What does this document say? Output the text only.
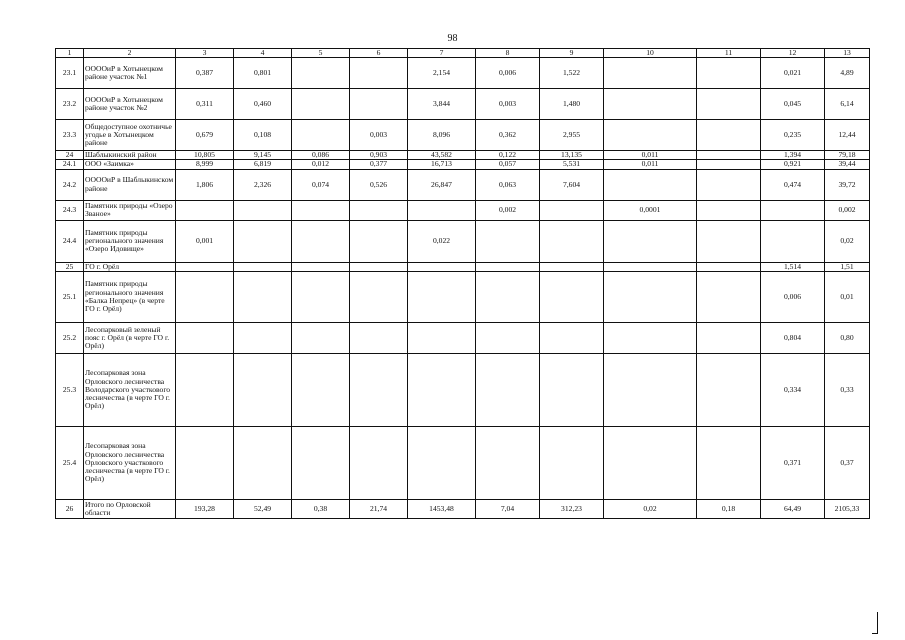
98
1	2	3	4	5	6	7	8	9	10	11	12	13
23.1	ООООиР в Хотынецком районе участок №1	0,387	0,801			2,154	0,006	1,522			0,021	4,89
23.2	ООООиР в Хотынецком районе участок №2	0,311	0,460			3,844	0,003	1,480			0,045	6,14
23.3	Общедоступное охотничье угодье в Хотынецком районе	0,679	0,108		0,003	8,096	0,362	2,955			0,235	12,44
24	Шаблыкинский район	10,805	9,145	0,086	0,903	43,582	0,122	13,135	0,011		1,394	79,18
24.1	ООО «Заимка»	8,999	6,819	0,012	0,377	16,713	0,057	5,531	0,011		0,921	39,44
24.2	ООООиР в Шаблыкинском районе	1,806	2,326	0,074	0,526	26,847	0,063	7,604			0,474	39,72
24.3	Памятник природы «Озеро Званое»						0,002		0,0001			0,002
24.4	Памятник природы регионального значения «Озеро Идовище»	0,001				0,022						0,02
25	ГО г. Орёл										1,514	1,51
25.1	Памятник природы регионального значения «Балка Непрец» (в черте ГО г. Орёл)										0,006	0,01
25.2	Лесопарковый зеленый пояс г. Орёл (в черте ГО г. Орёл)										0,804	0,80
25.3	Лесопарковая зона Орловского лесничества Володарского участкового лесничества (в черте ГО г. Орёл)										0,334	0,33
25.4	Лесопарковая зона Орловского лесничества Орловского участкового лесничества (в черте ГО г. Орёл)										0,371	0,37
26	Итого по Орловской области	193,28	52,49	0,38	21,74	1453,48	7,04	312,23	0,02	0,18	64,49	2105,33
